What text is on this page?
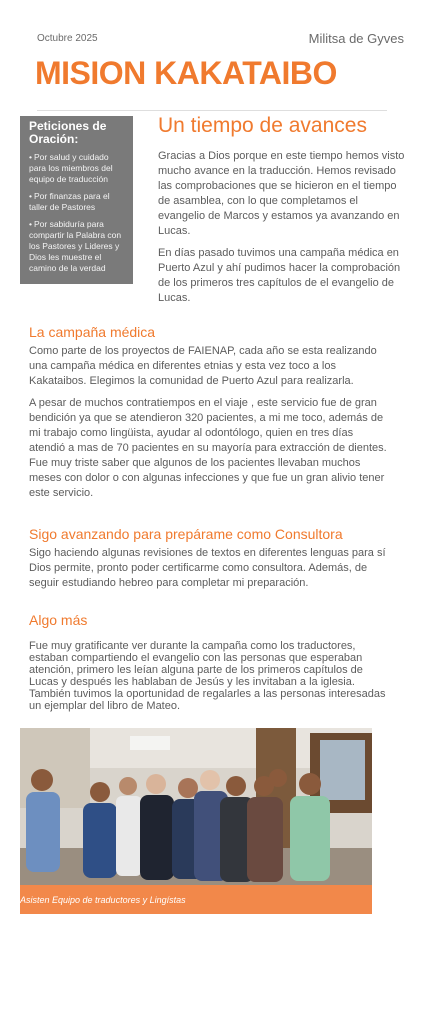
Octubre 2025	Militsa de Gyves
MISION KAKATAIBO
Peticiones de
Oración:
• Por salud y cuidado para los miembros del equipo de traducción
• Por finanzas para el taller de Pastores
• Por sabiduría para compartir la Palabra con los Pastores y Lideres y Dios les muestre el camino de la verdad
Un tiempo de avances

Gracias a Dios porque en este tiempo hemos visto mucho avance en la traducción. Hemos revisado las comprobaciones que se hicieron en el tiempo de asamblea, con lo que completamos el evangelio de Marcos y estamos ya avanzando en Lucas.

En días pasado tuvimos una campaña médica en Puerto Azul y ahí pudimos hacer la comprobación de los primeros tres capítulos de el evangelio de Lucas.

La campaña médica

Como parte de los proyectos de FAIENAP, cada año se esta realizando una campaña médica en diferentes etnias y esta vez toco a los Kakataibos. Elegimos la comunidad de Puerto Azul para realizarla.

A pesar de muchos contratiempos en el viaje , este servicio fue de gran bendición ya que se atendieron 320 pacientes, a mi me toco, además de mi trabajo como lingüista, ayudar al odontólogo, quien en tres días atendió a mas de 70 pacientes en su mayoría para extracción de dientes. Fue muy triste saber que algunos de los pacientes llevaban muchos meses con dolor o con algunas infecciones y que fue un gran alivio tener este servicio.

Sigo avanzando para prepárame como Consultora

Sigo haciendo algunas revisiones de textos en diferentes lenguas para sí Dios permite, pronto poder certificarme como consultora. Además, de seguir estudiando hebreo para completar mi preparación.

Algo más

Fue muy gratificante ver durante la campaña como los traductores, estaban compartiendo el evangelio con las personas que esperaban atención, primero les leían alguna parte de los primeros capítulos de Lucas y después les hablaban de Jesús y les invitaban a la iglesia. También tuvimos la oportunidad de regalarles a las personas interesadas un ejemplar del libro de Mateo.

Asisten Equipo de traductores y Lingístas
